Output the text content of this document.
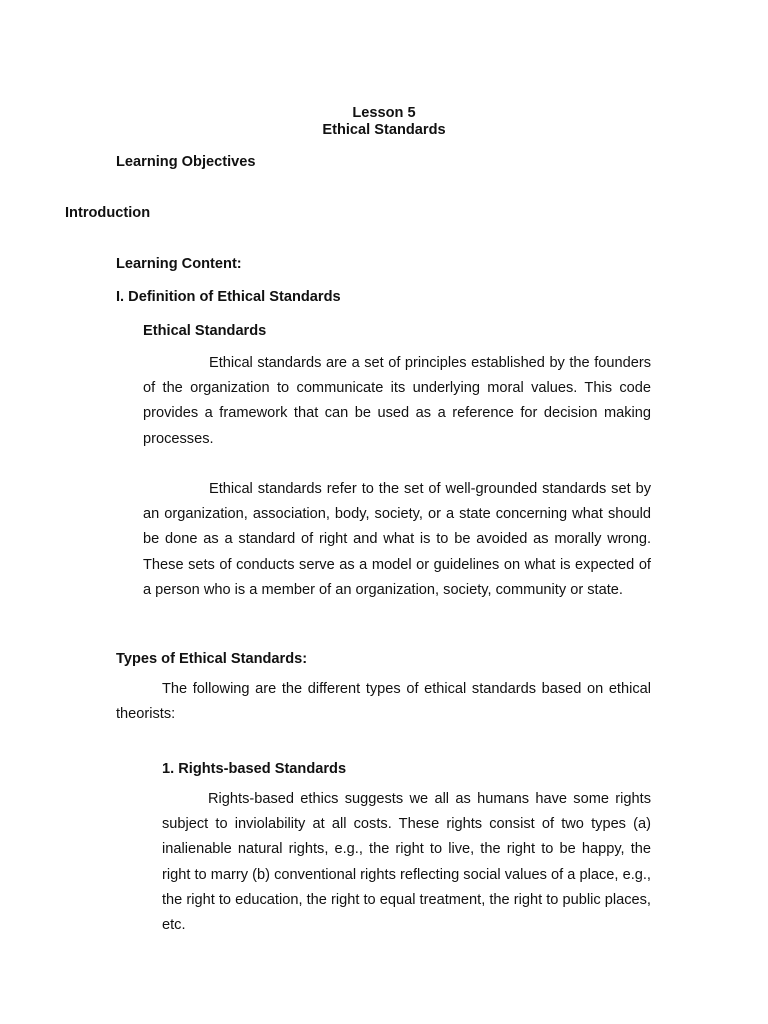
Lesson 5
Ethical Standards
Learning Objectives
Introduction
Learning Content:
I. Definition of Ethical Standards
Ethical Standards

Ethical standards are a set of principles established by the founders of the organization to communicate its underlying moral values. This code provides a framework that can be used as a reference for decision making processes.

Ethical standards refer to the set of well-grounded standards set by an organization, association, body, society, or a state concerning what should be done as a standard of right and what is to be avoided as morally wrong. These sets of conducts serve as a model or guidelines on what is expected of a person who is a member of an organization, society, community or state.

Types of Ethical Standards:

The following are the different types of ethical standards based on ethical theorists:

1. Rights-based Standards

Rights-based ethics suggests we all as humans have some rights subject to inviolability at all costs. These rights consist of two types (a) inalienable natural rights, e.g., the right to live, the right to be happy, the right to marry (b) conventional rights reflecting social values of a place, e.g., the right to education, the right to equal treatment, the right to public places, etc.
